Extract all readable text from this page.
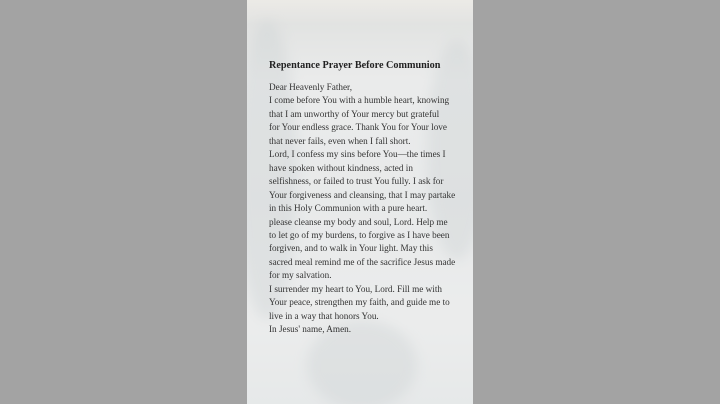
Repentance Prayer Before Communion
Dear Heavenly Father,
I come before You with a humble heart, knowing
that I am unworthy of Your mercy but grateful
for Your endless grace. Thank You for Your love
that never fails, even when I fall short.
Lord, I confess my sins before You—the times I
have spoken without kindness, acted in
selfishness, or failed to trust You fully. I ask for
Your forgiveness and cleansing, that I may partake
in this Holy Communion with a pure heart.
please cleanse my body and soul, Lord. Help me
to let go of my burdens, to forgive as I have been
forgiven, and to walk in Your light. May this
sacred meal remind me of the sacrifice Jesus made
for my salvation.
I surrender my heart to You, Lord. Fill me with
Your peace, strengthen my faith, and guide me to
live in a way that honors You.
In Jesus' name, Amen.
